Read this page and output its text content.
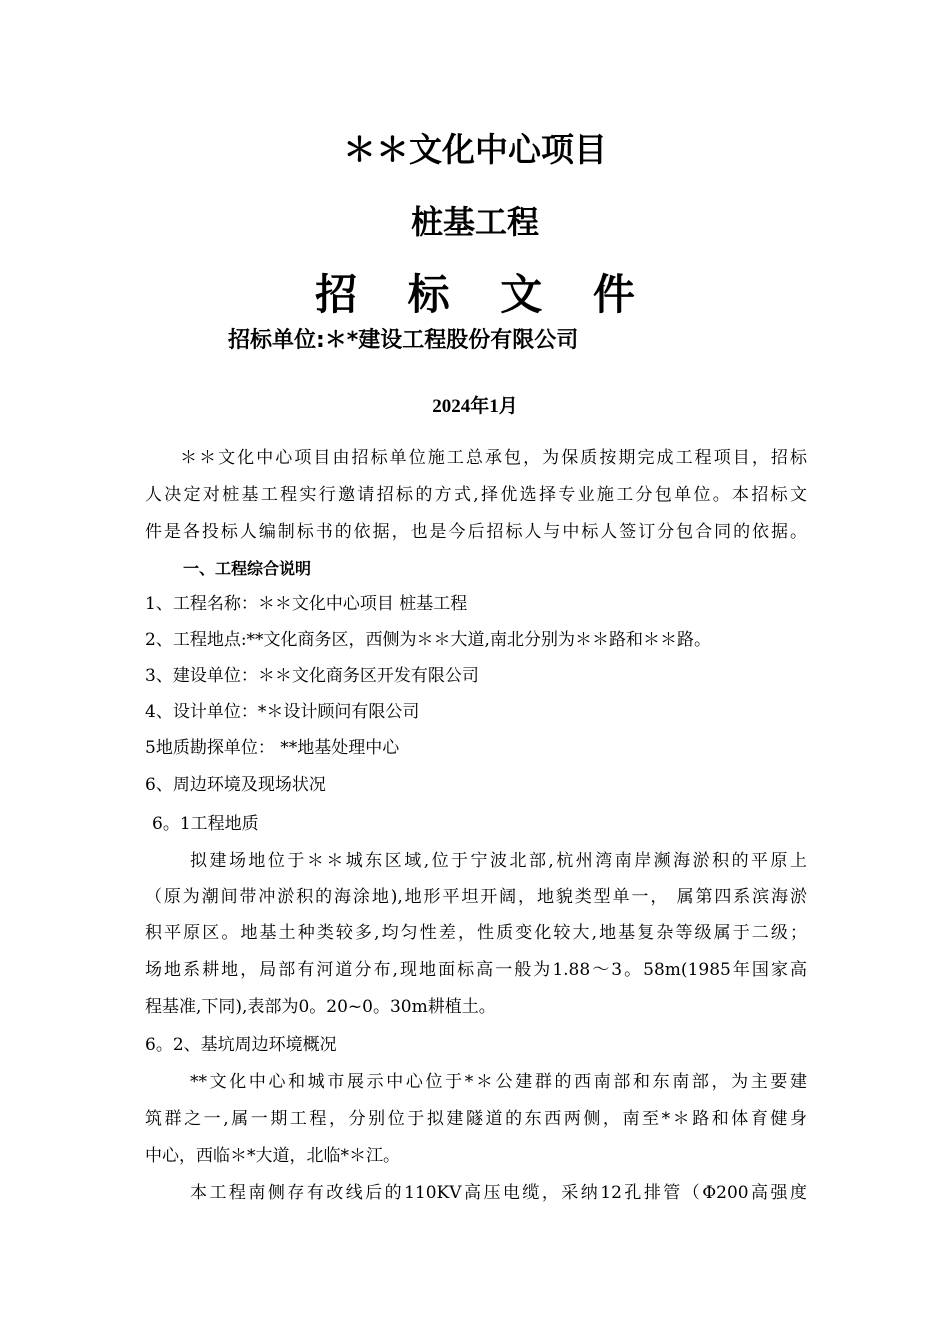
＊＊文化中心项目
桩基工程
招 标 文 件
招标单位:＊*建设工程股份有限公司
2024年1月
＊＊文化中心项目由招标单位施工总承包，为保质按期完成工程项目，招标
人决定对桩基工程实行邀请招标的方式,择优选择专业施工分包单位。本招标文
件是各投标人编制标书的依据，也是今后招标人与中标人签订分包合同的依据。
一、工程综合说明
1、工程名称：＊＊文化中心项目 桩基工程
2、工程地点:**文化商务区，西侧为＊＊大道,南北分别为＊＊路和＊＊路。
3、建设单位：＊＊文化商务区开发有限公司
4、设计单位：*＊设计顾问有限公司
5地质勘探单位： **地基处理中心
6、周边环境及现场状况
6。1工程地质
拟建场地位于＊＊城东区域,位于宁波北部,杭州湾南岸濒海淤积的平原上
（原为潮间带冲淤积的海涂地),地形平坦开阔，地貌类型单一， 属第四系滨海淤
积平原区。地基土种类较多,均匀性差，性质变化较大,地基复杂等级属于二级；
场地系耕地，局部有河道分布,现地面标高一般为1.88～3。58m(1985年国家高
程基准,下同),表部为0。20~0。30m耕植土。
6。2、基坑周边环境概况
**文化中心和城市展示中心位于*＊公建群的西南部和东南部，为主要建
筑群之一,属一期工程，分别位于拟建隧道的东西两侧，南至*＊路和体育健身
中心，西临＊*大道，北临*＊江。
本工程南侧存有改线后的110KV高压电缆，采纳12孔排管（Φ200高强度
